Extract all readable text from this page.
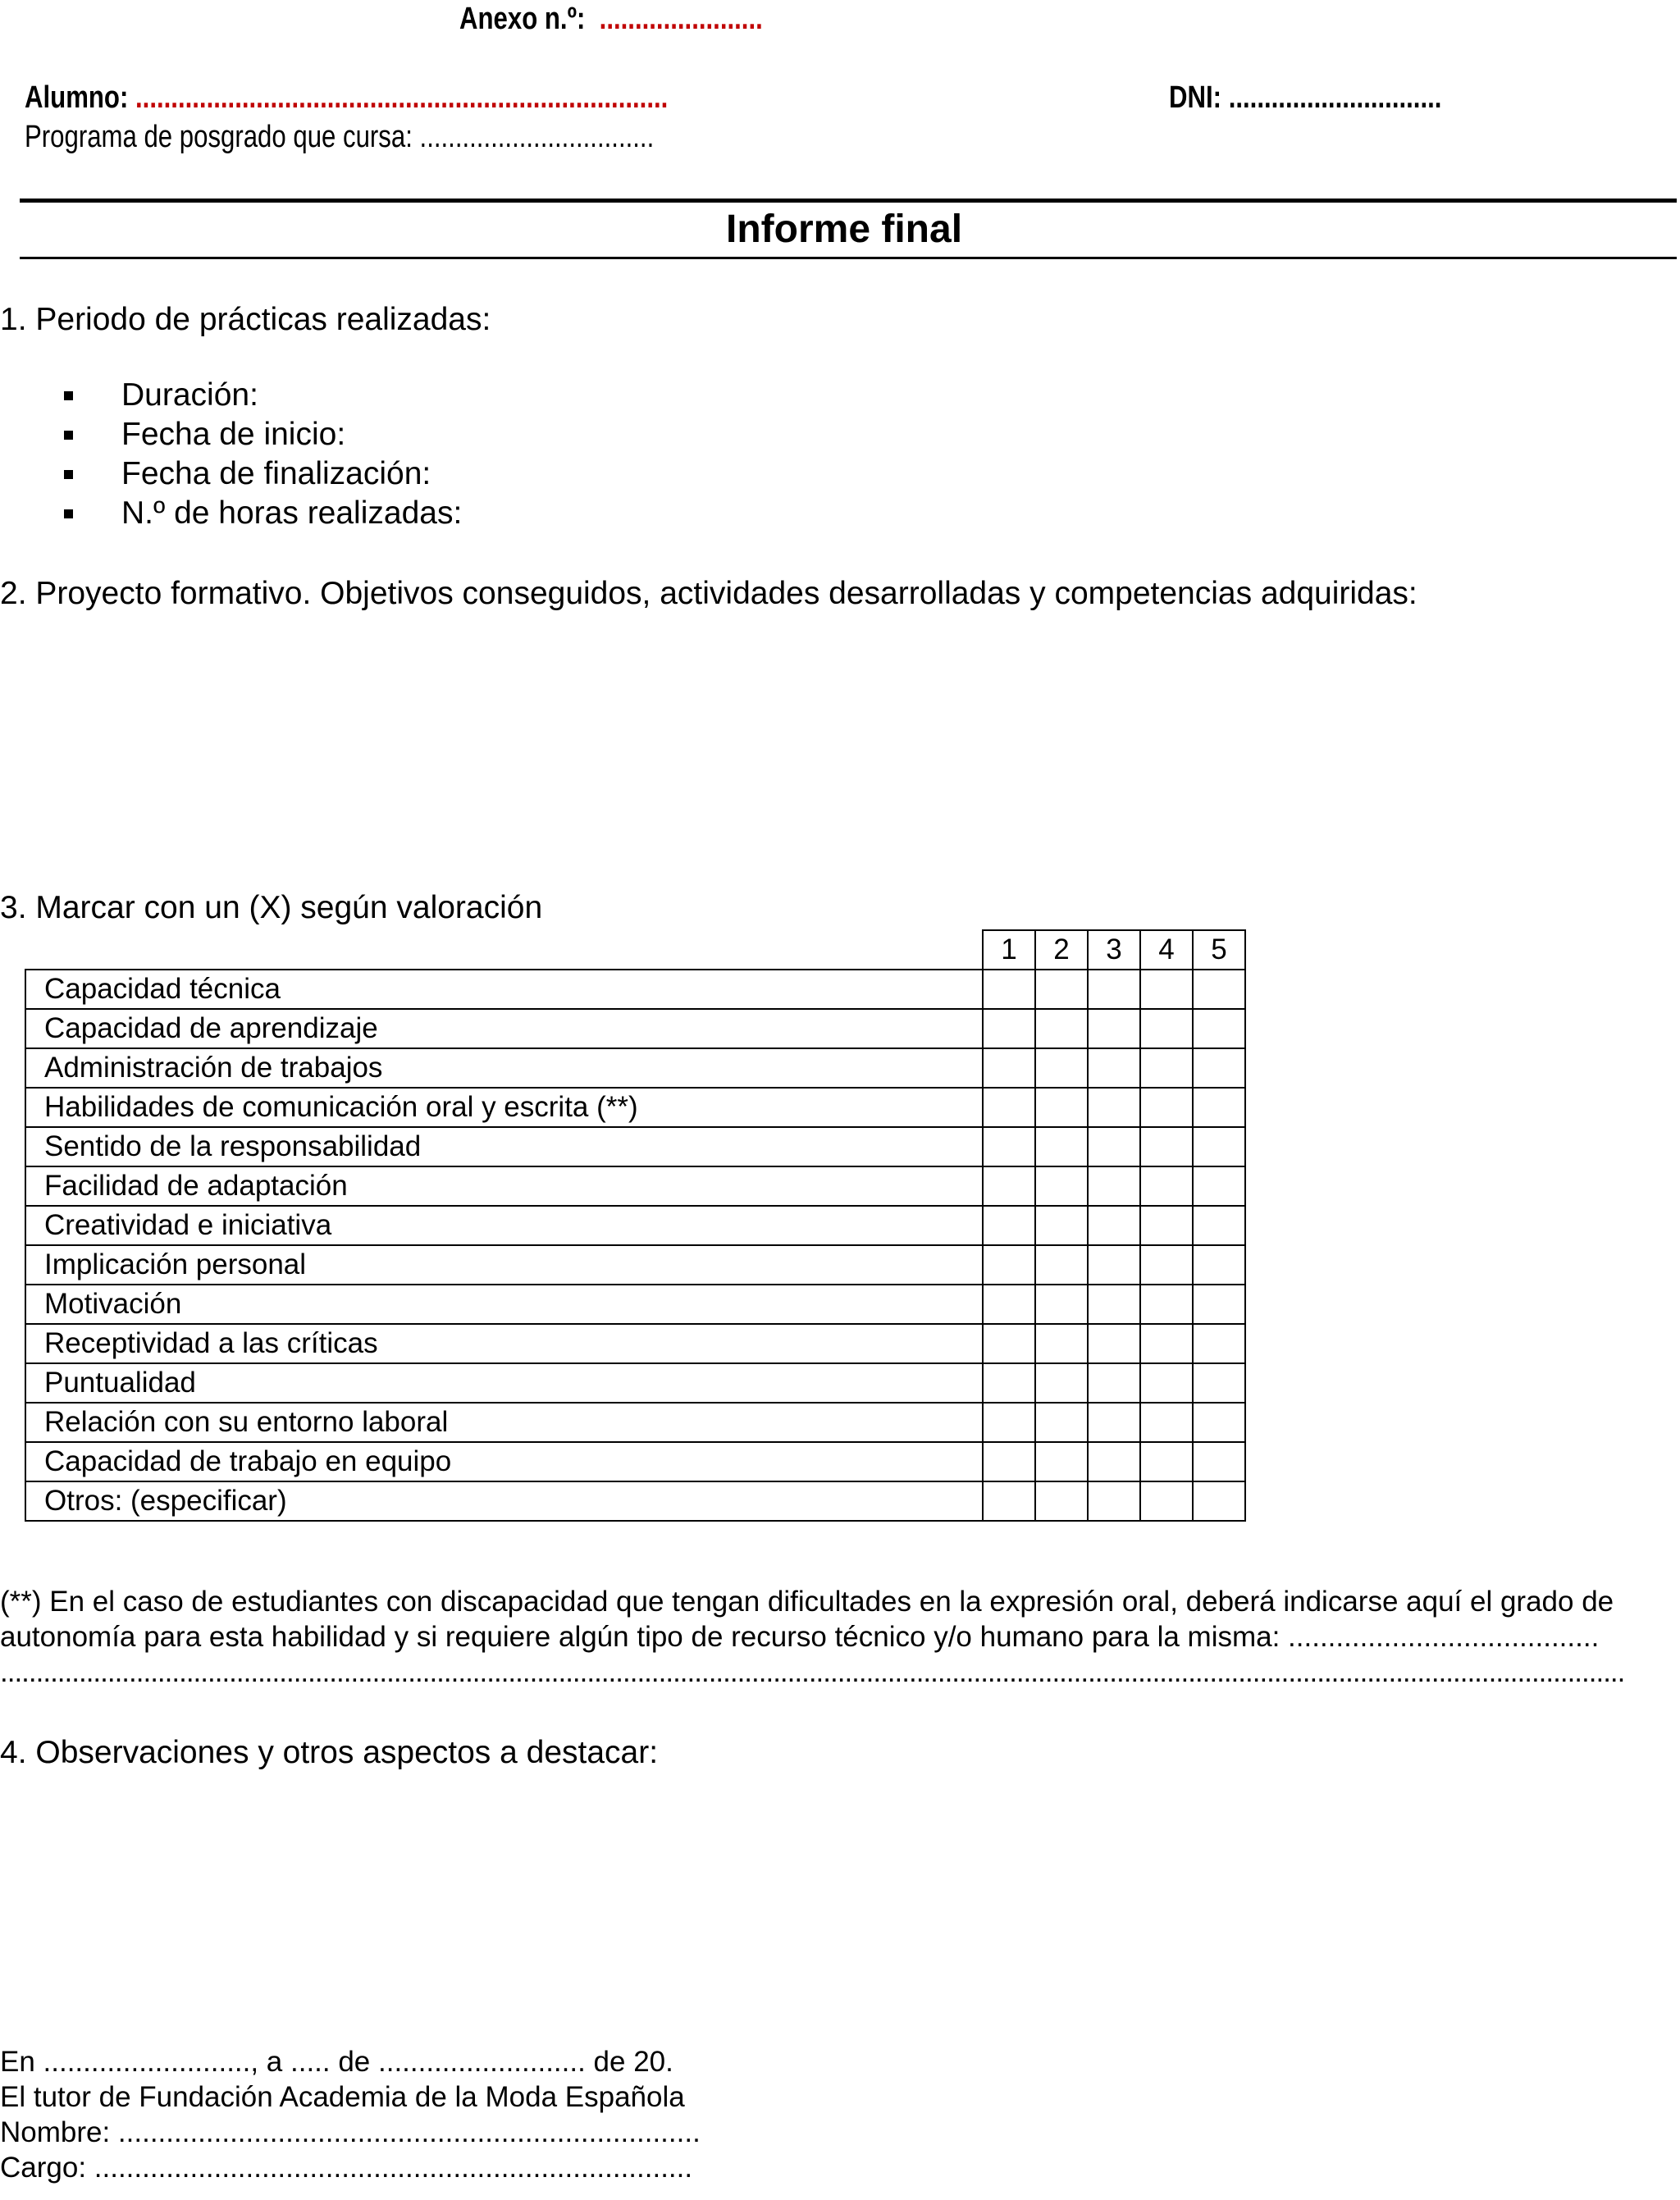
Anexo n.º: .......................
Alumno: ...........................................................................	DNI: ..............................
Programa de posgrado que cursa: .................................
Informe final
1. Periodo de prácticas realizadas:
Duración:
Fecha de inicio:
Fecha de finalización:
N.º de horas realizadas:
2. Proyecto formativo. Objetivos conseguidos, actividades desarrolladas y competencias adquiridas:
3. Marcar con un (X) según valoración
	1	2	3	4	5
Capacidad técnica					
Capacidad de aprendizaje					
Administración de trabajos					
Habilidades de comunicación oral y escrita (**)					
Sentido de la responsabilidad					
Facilidad de adaptación					
Creatividad e iniciativa					
Implicación personal					
Motivación					
Receptividad a las críticas					
Puntualidad					
Relación con su entorno laboral					
Capacidad de trabajo en equipo					
Otros: (especificar)					
(**) En el caso de estudiantes con discapacidad que tengan dificultades en la expresión oral, deberá indicarse aquí el grado de
autonomía para esta habilidad y si requiere algún tipo de recurso técnico y/o humano para la misma: .......................................
...................................................................................................................................................................................................................................
4. Observaciones y otros aspectos a destacar:
En .........................., a ..... de .......................... de 20.
El tutor de Fundación Academia de la Moda Española
Nombre: .........................................................................
Cargo: ...........................................................................
